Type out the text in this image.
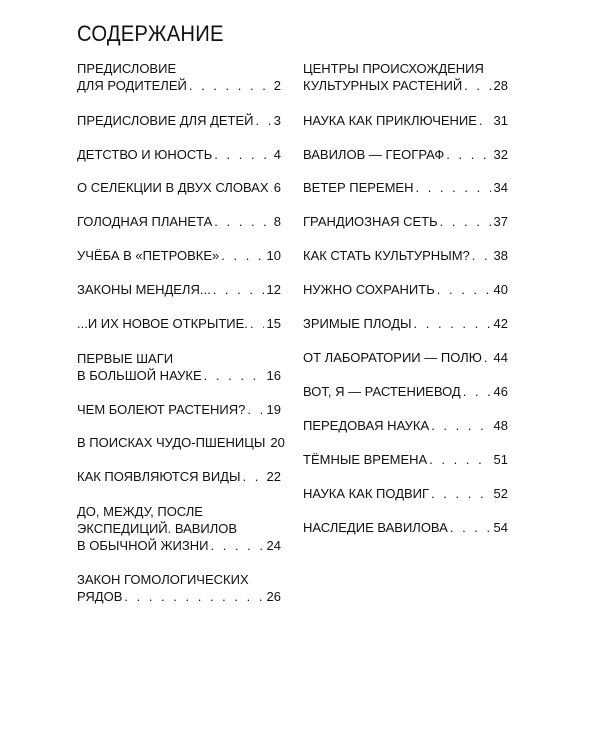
СОДЕРЖАНИЕ
ПРЕДИСЛОВИЕ
ДЛЯ РОДИТЕЛЕЙ . . .	2
ПРЕДИСЛОВИЕ ДЛЯ ДЕТЕЙ . . . 3
ДЕТСТВО И ЮНОСТЬ . . .	4
О СЕЛЕКЦИИ В ДВУХ СЛОВАХ . . . 6
ГОЛОДНАЯ ПЛАНЕТА . . .	8
УЧЁБА В «ПЕТРОВКЕ» . . .	10
ЗАКОНЫ МЕНДЕЛЯ... . . .	12
...И ИХ НОВОЕ ОТКРЫТИЕ. . . . 15
ПЕРВЫЕ ШАГИ
В БОЛЬШОЙ НАУКЕ . . .	16
ЧЕМ БОЛЕЮТ РАСТЕНИЯ? . . . 19
В ПОИСКАХ ЧУДО-ПШЕНИЦЫ 20
КАК ПОЯВЛЯЮТСЯ ВИДЫ . . . 22
ДО, МЕЖДУ, ПОСЛЕ
ЭКСПЕДИЦИЙ. ВАВИЛОВ
В ОБЫЧНОЙ ЖИЗНИ . . .	24
ЗАКОН ГОМОЛОГИЧЕСКИХ
РЯДОВ . . .	26
ЦЕНТРЫ ПРОИСХОЖДЕНИЯ
КУЛЬТУРНЫХ РАСТЕНИЙ . . . 28
НАУКА КАК ПРИКЛЮЧЕНИЕ . . . 31
ВАВИЛОВ — ГЕОГРАФ . . .	32
ВЕТЕР ПЕРЕМЕН . . .	34
ГРАНДИОЗНАЯ СЕТЬ . . .	37
КАК СТАТЬ КУЛЬТУРНЫМ? . . . 38
НУЖНО СОХРАНИТЬ . . .	40
ЗРИМЫЕ ПЛОДЫ . . .	42
ОТ ЛАБОРАТОРИИ — ПОЛЮ . . . 44
ВОТ, Я — РАСТЕНИЕВОД . . .	46
ПЕРЕДОВАЯ НАУКА . . .	48
ТЁМНЫЕ ВРЕМЕНА . . .	51
НАУКА КАК ПОДВИГ . . .	52
НАСЛЕДИЕ ВАВИЛОВА . . .	54
